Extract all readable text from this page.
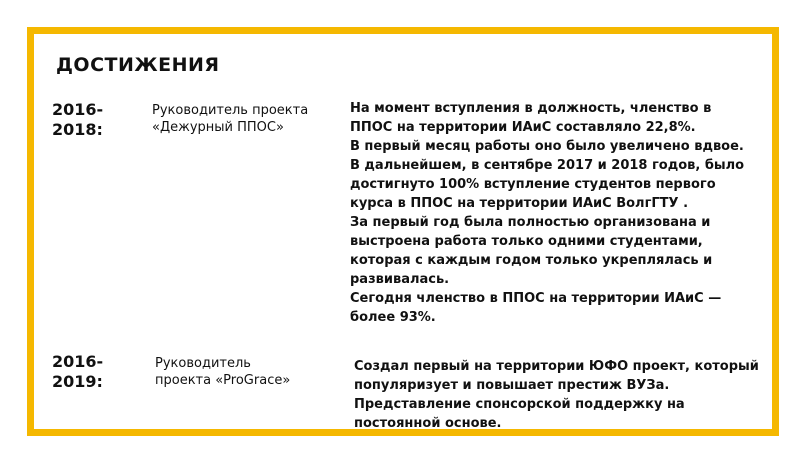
ДОСТИЖЕНИЯ
2016-2018:
Руководитель проекта «Дежурный ППОС»

На момент вступления в должность, членство в ППОС на территории ИАиС составляло 22,8%.

В первый месяц работы оно было увеличено вдвое.

В дальнейшем, в сентябре 2017 и 2018 годов, было достигнуто 100% вступление студентов первого курса в ППОС на территории ИАиС ВолгГТУ .

За первый год была полностью организована и выстроена работа только одними студентами, которая с каждым годом только укреплялась и развивалась.

Сегодня членство в ППОС на территории ИАиС — более 93%.

2016-2019:
Руководитель проекта «ProGrace»

Создал первый на территории ЮФО проект, который популяризует и повышает престиж ВУЗа.

Представление спонсорской поддержку на постоянной основе.
